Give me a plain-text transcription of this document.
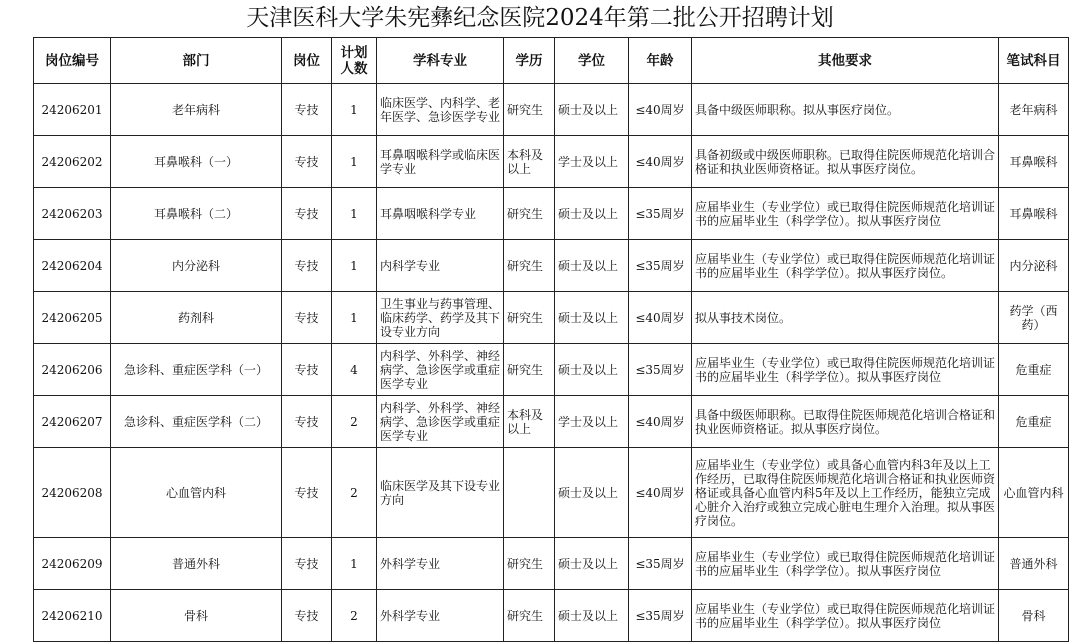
天津医科大学朱宪彝纪念医院2024年第二批公开招聘计划
岗位编号	部门	岗位	计划人数	学科专业	学历	学位	年龄	其他要求	笔试科目
24206201	老年病科	专技	1	临床医学、内科学、老年医学、急诊医学专业	研究生	硕士及以上	≤40周岁	具备中级医师职称。拟从事医疗岗位。	老年病科
24206202	耳鼻喉科（一）	专技	1	耳鼻咽喉科学或临床医学专业	本科及以上	学士及以上	≤40周岁	具备初级或中级医师职称。已取得住院医师规范化培训合格证和执业医师资格证。拟从事医疗岗位。	耳鼻喉科
24206203	耳鼻喉科（二）	专技	1	耳鼻咽喉科学专业	研究生	硕士及以上	≤35周岁	应届毕业生（专业学位）或已取得住院医师规范化培训证书的应届毕业生（科学学位）。拟从事医疗岗位	耳鼻喉科
24206204	内分泌科	专技	1	内科学专业	研究生	硕士及以上	≤35周岁	应届毕业生（专业学位）或已取得住院医师规范化培训证书的应届毕业生（科学学位）。拟从事医疗岗位。	内分泌科
24206205	药剂科	专技	1	卫生事业与药事管理、临床药学、药学及其下设专业方向	研究生	硕士及以上	≤40周岁	拟从事技术岗位。	药学（西药）
24206206	急诊科、重症医学科（一）	专技	4	内科学、外科学、神经病学、急诊医学或重症医学专业	研究生	硕士及以上	≤35周岁	应届毕业生（专业学位）或已取得住院医师规范化培训证书的应届毕业生（科学学位）。拟从事医疗岗位	危重症
24206207	急诊科、重症医学科（二）	专技	2	内科学、外科学、神经病学、急诊医学或重症医学专业	本科及以上	学士及以上	≤40周岁	具备中级医师职称。已取得住院医师规范化培训合格证和执业医师资格证。拟从事医疗岗位。	危重症
24206208	心血管内科	专技	2	临床医学及其下设专业方向		硕士及以上	≤40周岁	应届毕业生（专业学位）或具备心血管内科3年及以上工作经历，已取得住院医师规范化培训合格证和执业医师资格证或具备心血管内科5年及以上工作经历，能独立完成心脏介入治疗或独立完成心脏电生理介入治理。拟从事医疗岗位。	心血管内科
24206209	普通外科	专技	1	外科学专业	研究生	硕士及以上	≤35周岁	应届毕业生（专业学位）或已取得住院医师规范化培训证书的应届毕业生（科学学位）。拟从事医疗岗位	普通外科
24206210	骨科	专技	2	外科学专业	研究生	硕士及以上	≤35周岁	应届毕业生（专业学位）或已取得住院医师规范化培训证书的应届毕业生（科学学位）。拟从事医疗岗位	骨科
